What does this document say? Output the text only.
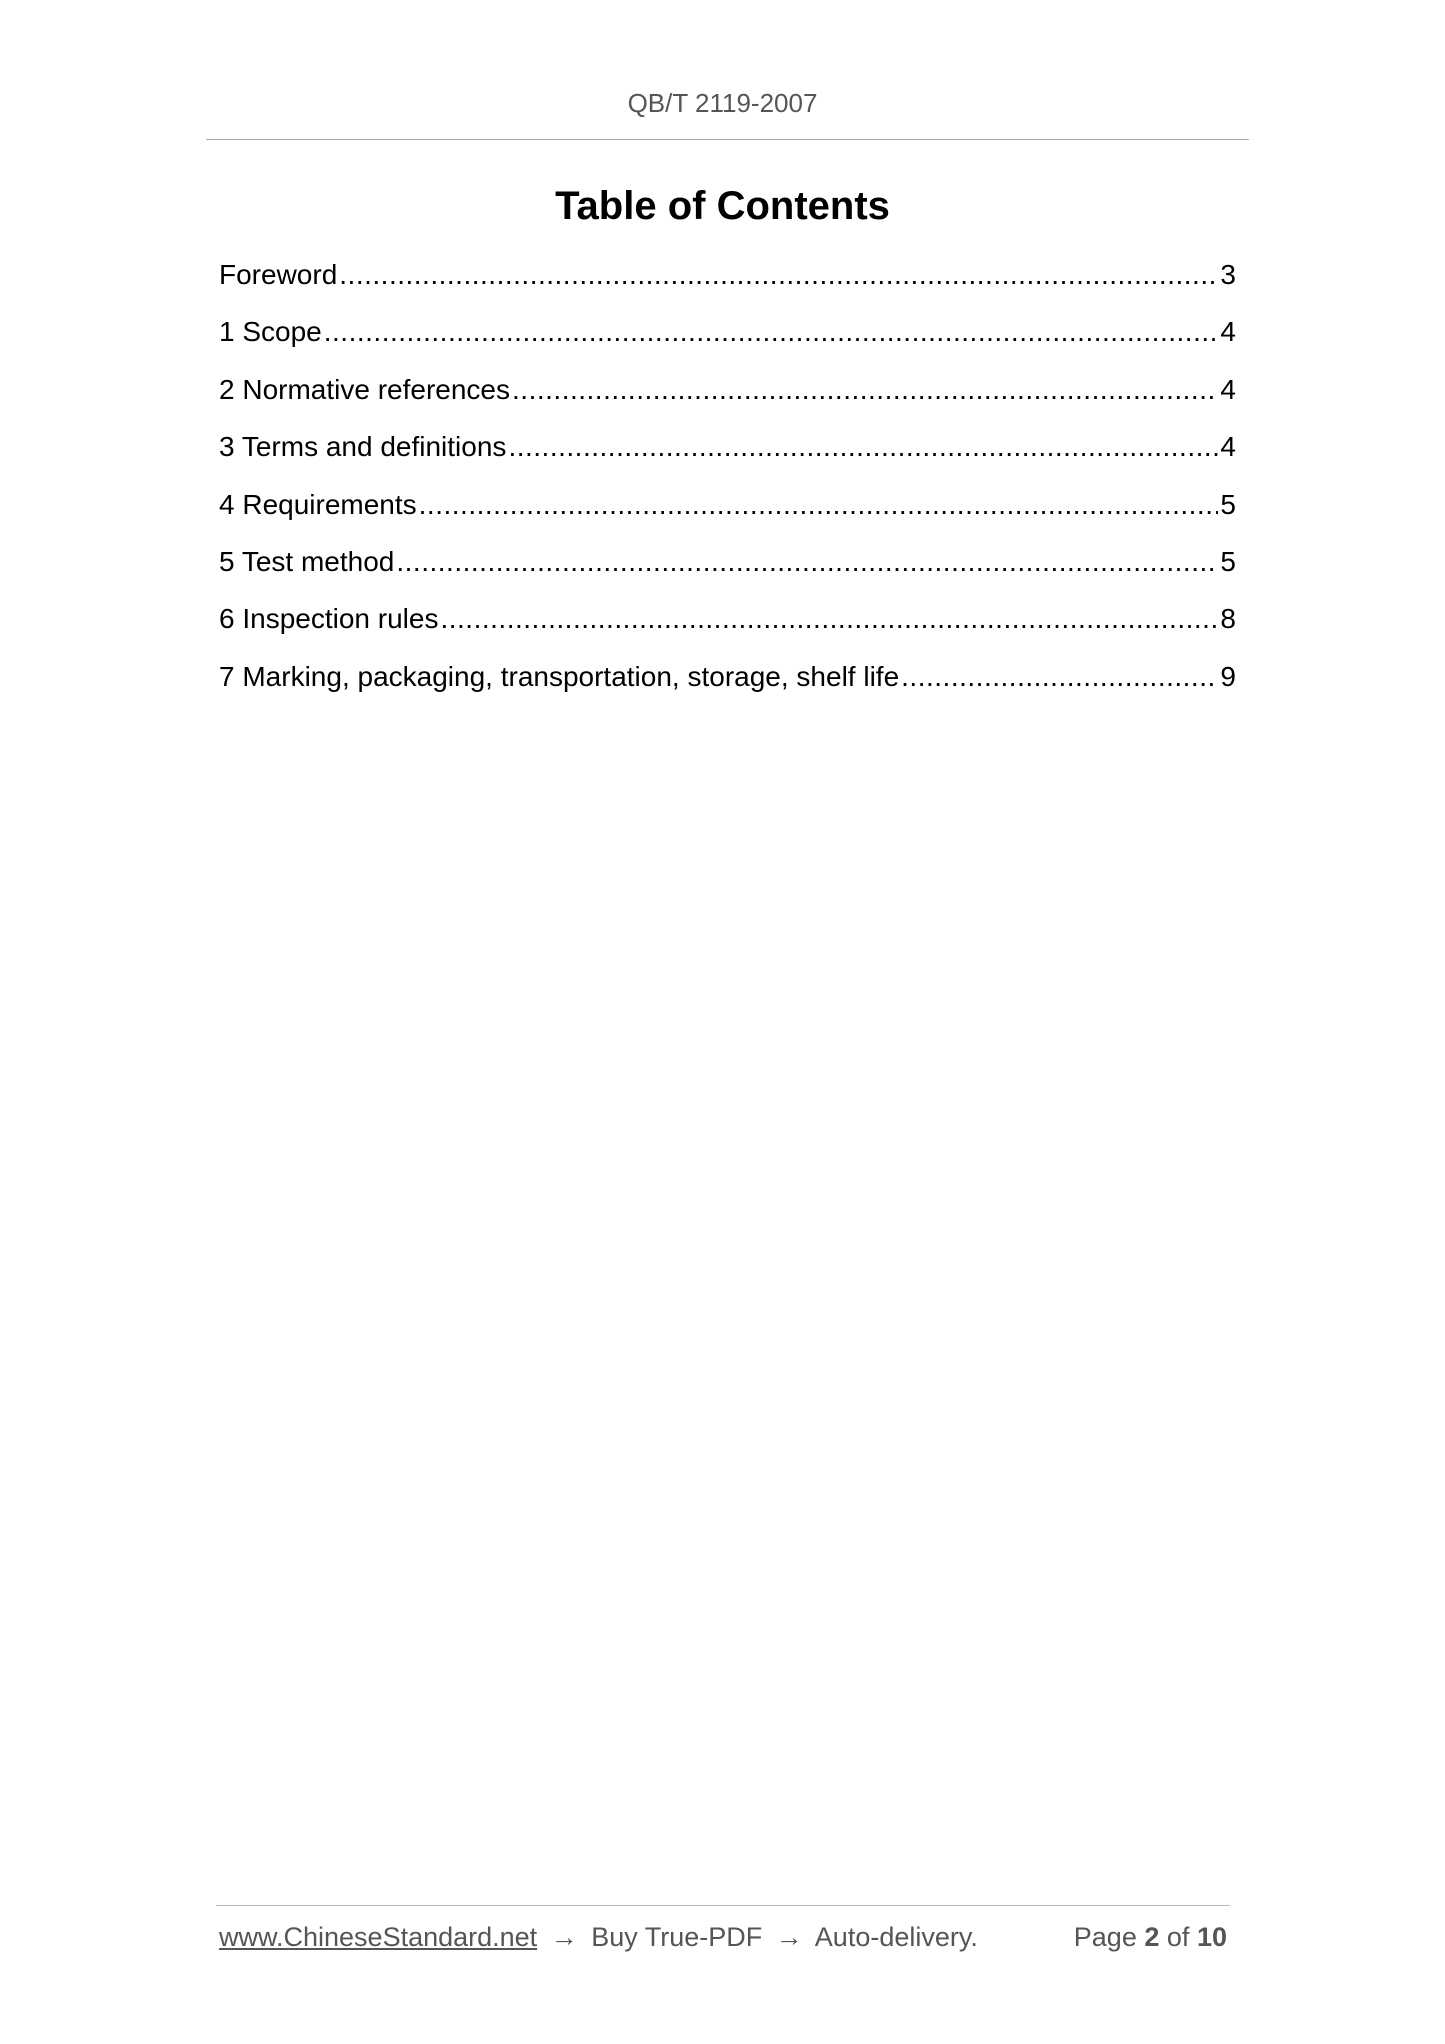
QB/T 2119-2007
Table of Contents
Foreword .....	3
1 Scope .....	4
2 Normative references .....	4
3 Terms and definitions .....	4
4 Requirements .....	5
5 Test method .....	5
6 Inspection rules .....	8
7 Marking, packaging, transportation, storage, shelf life .....	9
www.ChineseStandard.net → Buy True-PDF → Auto-delivery.	Page 2 of 10
